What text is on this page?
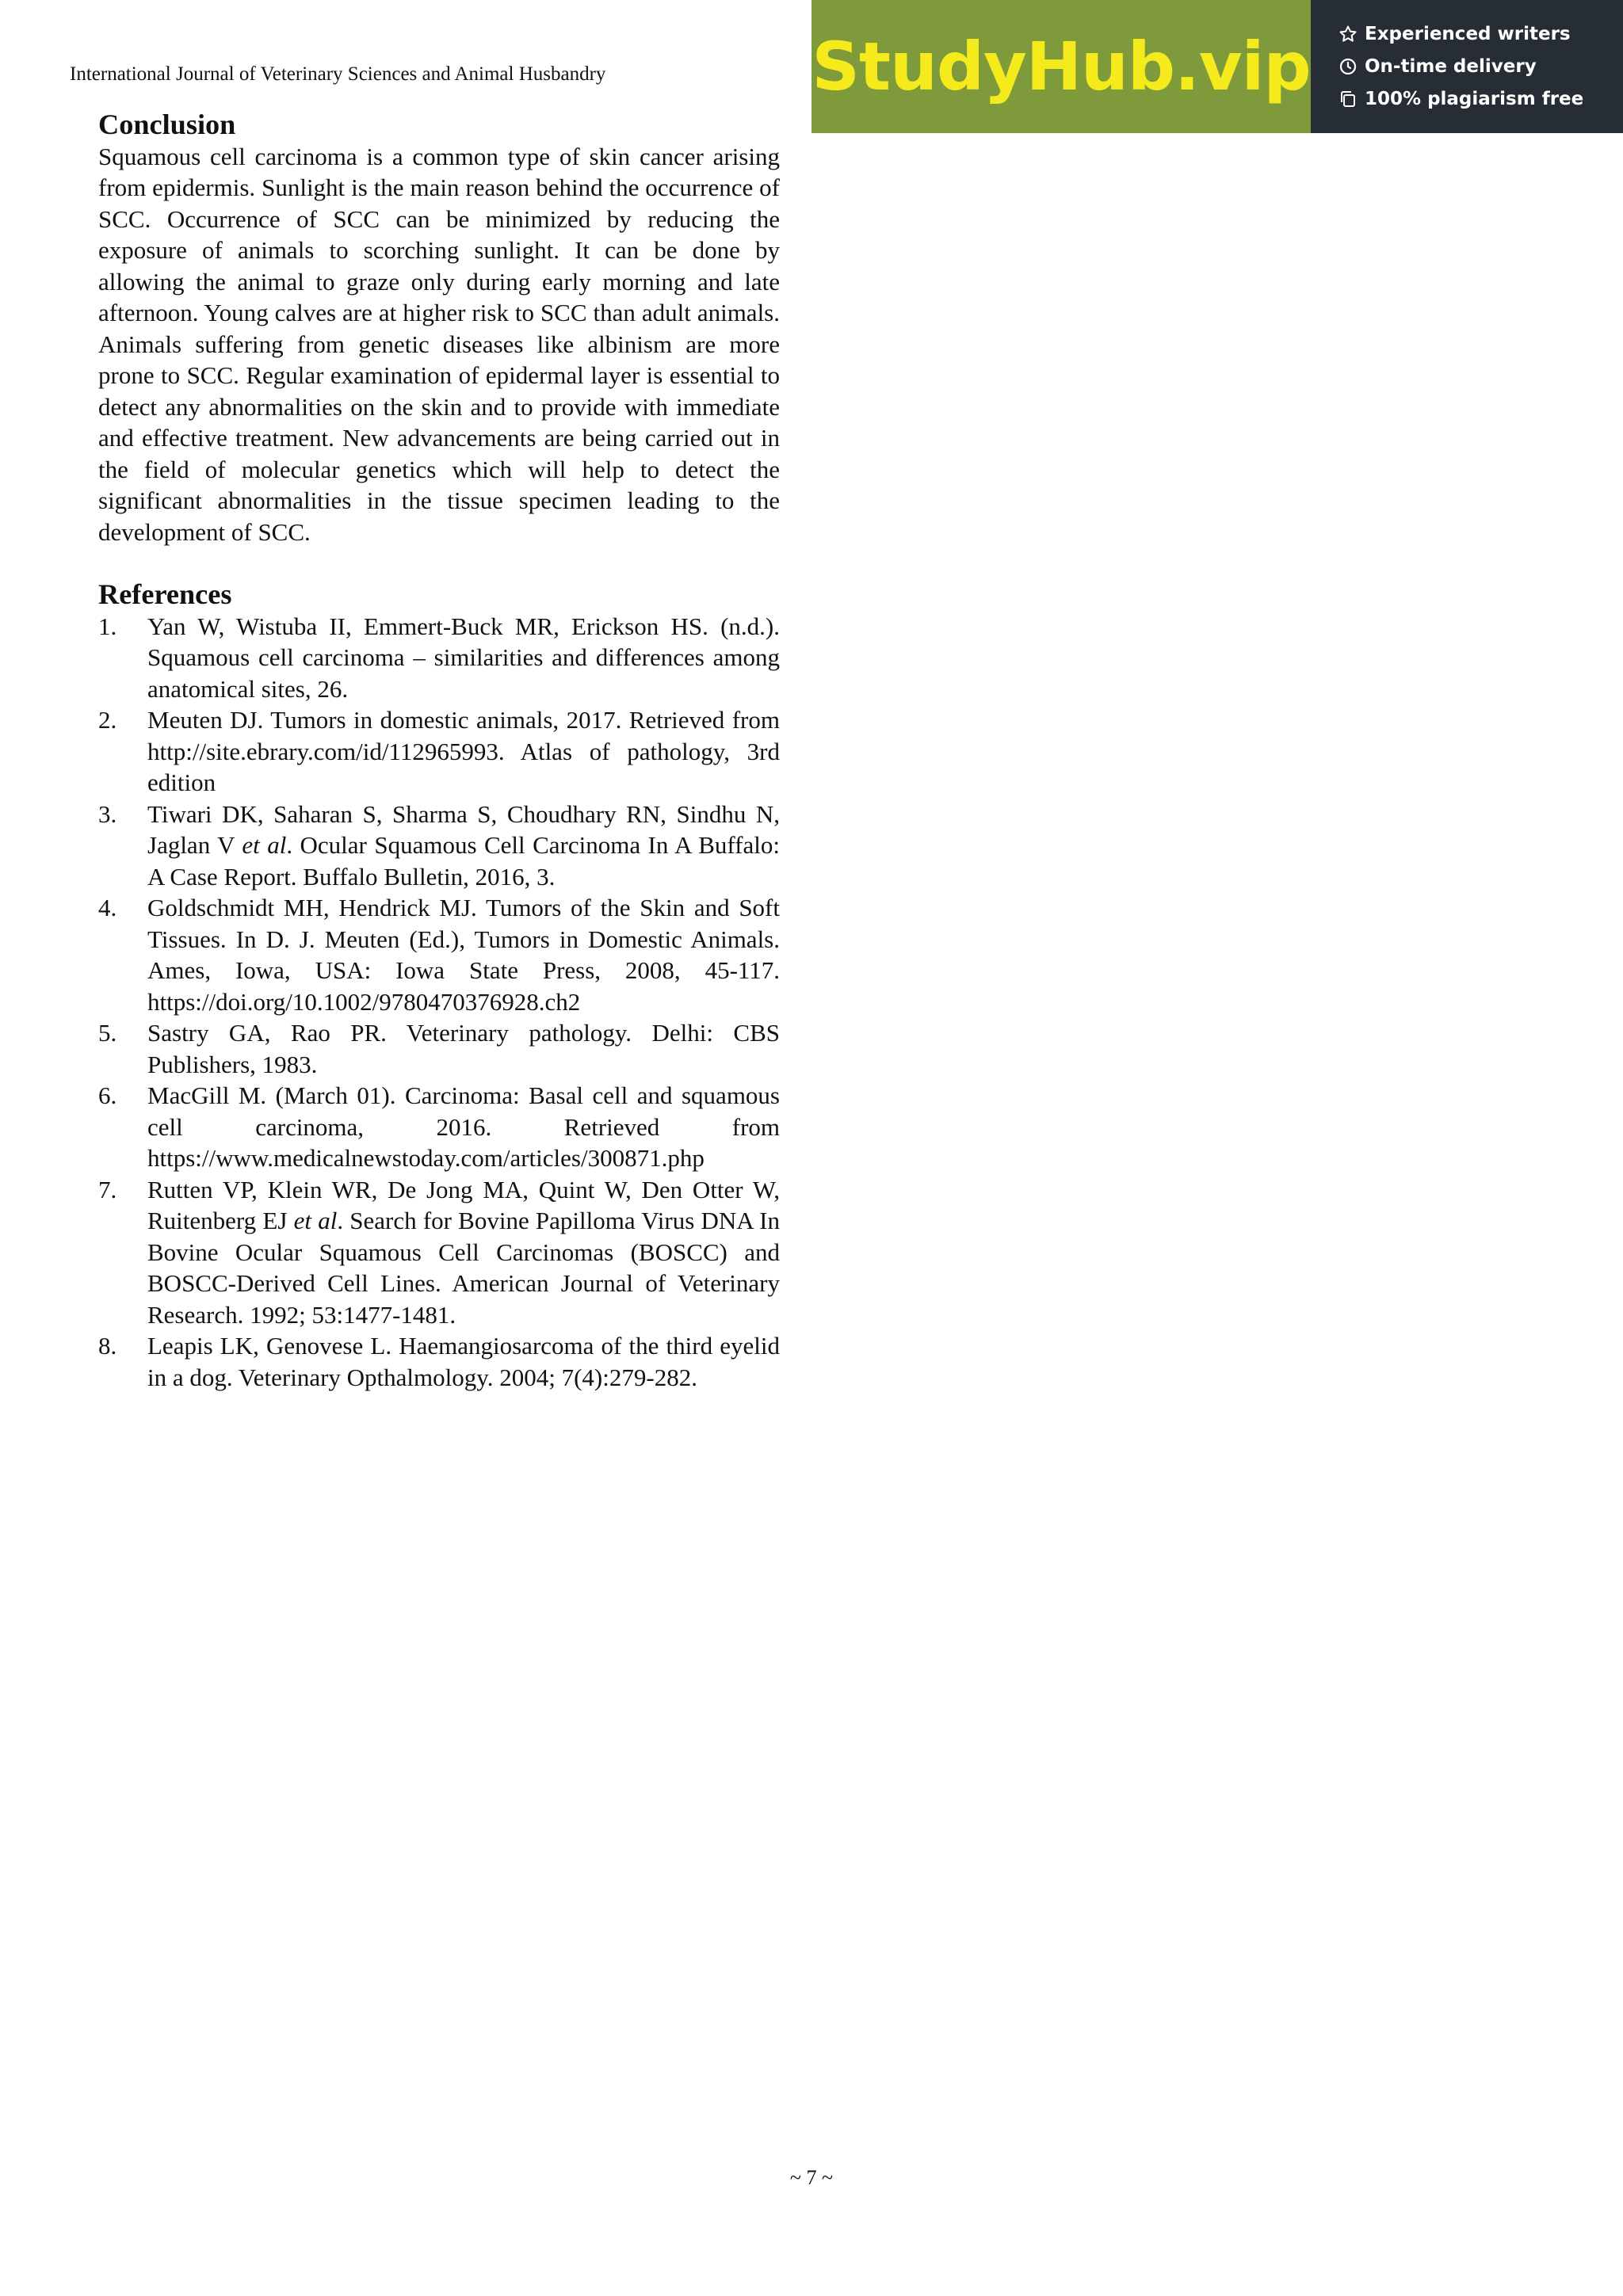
International Journal of Veterinary Sciences and Animal Husbandry	StudyHub.vip	Experienced writers
On-time delivery
100% plagiarism free
Conclusion

Squamous cell carcinoma is a common type of skin cancer arising from epidermis. Sunlight is the main reason behind the occurrence of SCC. Occurrence of SCC can be minimized by reducing the exposure of animals to scorching sunlight. It can be done by allowing the animal to graze only during early morning and late afternoon. Young calves are at higher risk to SCC than adult animals. Animals suffering from genetic diseases like albinism are more prone to SCC. Regular examination of epidermal layer is essential to detect any abnormalities on the skin and to provide with immediate and effective treatment. New advancements are being carried out in the field of molecular genetics which will help to detect the significant abnormalities in the tissue specimen leading to the development of SCC.

References
1. Yan W, Wistuba II, Emmert-Buck MR, Erickson HS. (n.d.). Squamous cell carcinoma – similarities and differences among anatomical sites, 26.
2. Meuten DJ. Tumors in domestic animals, 2017. Retrieved from http://site.ebrary.com/id/112965993. Atlas of pathology, 3rd edition
3. Tiwari DK, Saharan S, Sharma S, Choudhary RN, Sindhu N, Jaglan V et al. Ocular Squamous Cell Carcinoma In A Buffalo: A Case Report. Buffalo Bulletin, 2016, 3.
4. Goldschmidt MH, Hendrick MJ. Tumors of the Skin and Soft Tissues. In D. J. Meuten (Ed.), Tumors in Domestic Animals. Ames, Iowa, USA: Iowa State Press, 2008, 45-117. https://doi.org/10.1002/9780470376928.ch2
5. Sastry GA, Rao PR. Veterinary pathology. Delhi: CBS Publishers, 1983.
6. MacGill M. (March 01). Carcinoma: Basal cell and squamous cell carcinoma, 2016. Retrieved from https://www.medicalnewstoday.com/articles/300871.php
7. Rutten VP, Klein WR, De Jong MA, Quint W, Den Otter W, Ruitenberg EJ et al. Search for Bovine Papilloma Virus DNA In Bovine Ocular Squamous Cell Carcinomas (BOSCC) and BOSCC-Derived Cell Lines. American Journal of Veterinary Research. 1992; 53:1477-1481.
8. Leapis LK, Genovese L. Haemangiosarcoma of the third eyelid in a dog. Veterinary Opthalmology. 2004; 7(4):279-282.
~ 7 ~
